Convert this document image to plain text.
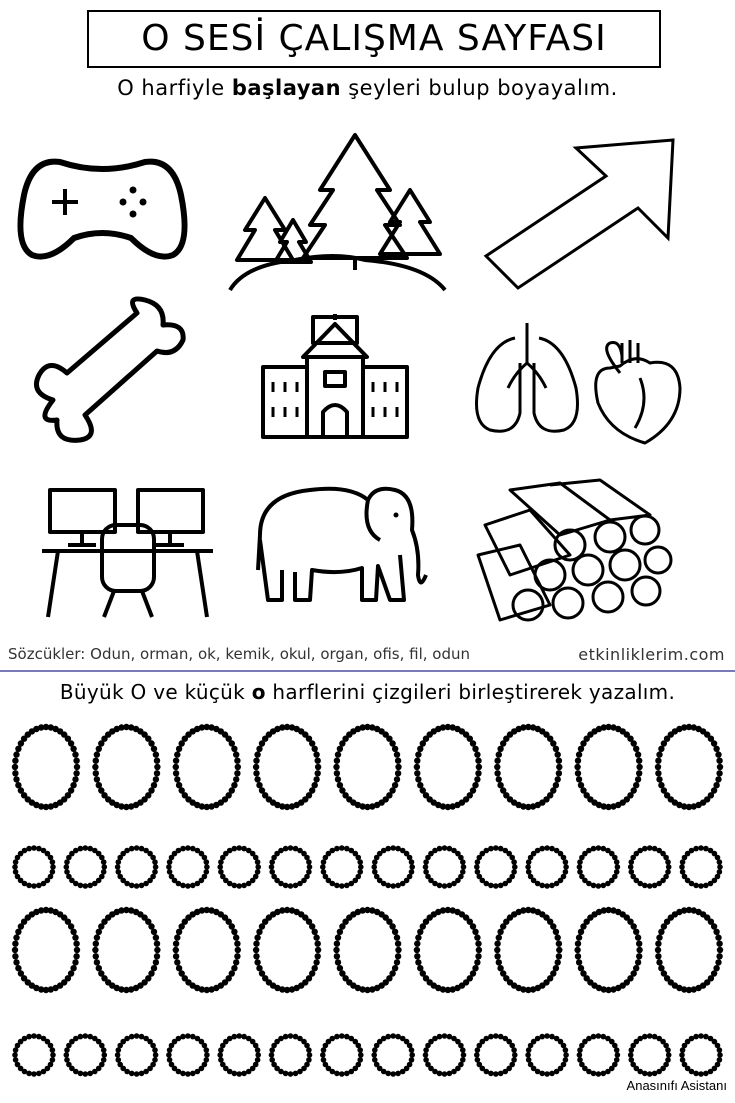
O SESİ ÇALIŞMA SAYFASI
O harfiyle başlayan şeyleri bulup boyayalım.
Sözcükler: Odun, orman, ok, kemik, okul, organ, ofis, fil, odun	etkinliklerim.com
Büyük O ve küçük o harflerini çizgileri birleştirerek yazalım.
Anasınıfı Asistanı
